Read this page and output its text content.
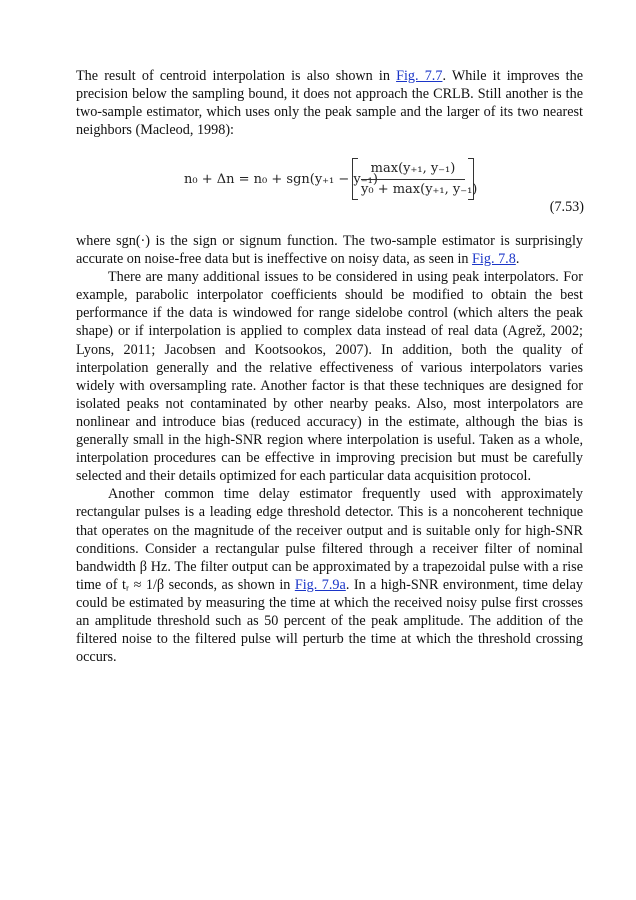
The result of centroid interpolation is also shown in Fig. 7.7. While it improves the precision below the sampling bound, it does not approach the CRLB. Still another is the two-sample estimator, which uses only the peak sample and the larger of its two nearest neighbors (Macleod, 1998):

n₀ + Δn = n₀ + sgn(y₊₁ − y₋₁)
max(y₊₁, y₋₁)
y₀ + max(y₊₁, y₋₁)
(7.53)

where sgn(·) is the sign or signum function. The two-sample estimator is surprisingly accurate on noise-free data but is ineffective on noisy data, as seen in Fig. 7.8.

There are many additional issues to be considered in using peak interpolators. For example, parabolic interpolator coefficients should be modified to obtain the best performance if the data is windowed for range sidelobe control (which alters the peak shape) or if interpolation is applied to complex data instead of real data (Agrež, 2002; Lyons, 2011; Jacobsen and Kootsookos, 2007). In addition, both the quality of interpolation generally and the relative effectiveness of various interpolators varies widely with oversampling rate. Another factor is that these techniques are designed for isolated peaks not contaminated by other nearby peaks. Also, most interpolators are nonlinear and introduce bias (reduced accuracy) in the estimate, although the bias is generally small in the high-SNR region where interpolation is useful. Taken as a whole, interpolation procedures can be effective in improving precision but must be carefully selected and their details optimized for each particular data acquisition protocol.

Another common time delay estimator frequently used with approximately rectangular pulses is a leading edge threshold detector. This is a noncoherent technique that operates on the magnitude of the receiver output and is suitable only for high-SNR conditions. Consider a rectangular pulse filtered through a receiver filter of nominal bandwidth β Hz. The filter output can be approximated by a trapezoidal pulse with a rise time of tᵣ ≈ 1/β seconds, as shown in Fig. 7.9a. In a high-SNR environment, time delay could be estimated by measuring the time at which the received noisy pulse first crosses an amplitude threshold such as 50 percent of the peak amplitude. The addition of the filtered noise to the filtered pulse will perturb the time at which the threshold crossing occurs.
